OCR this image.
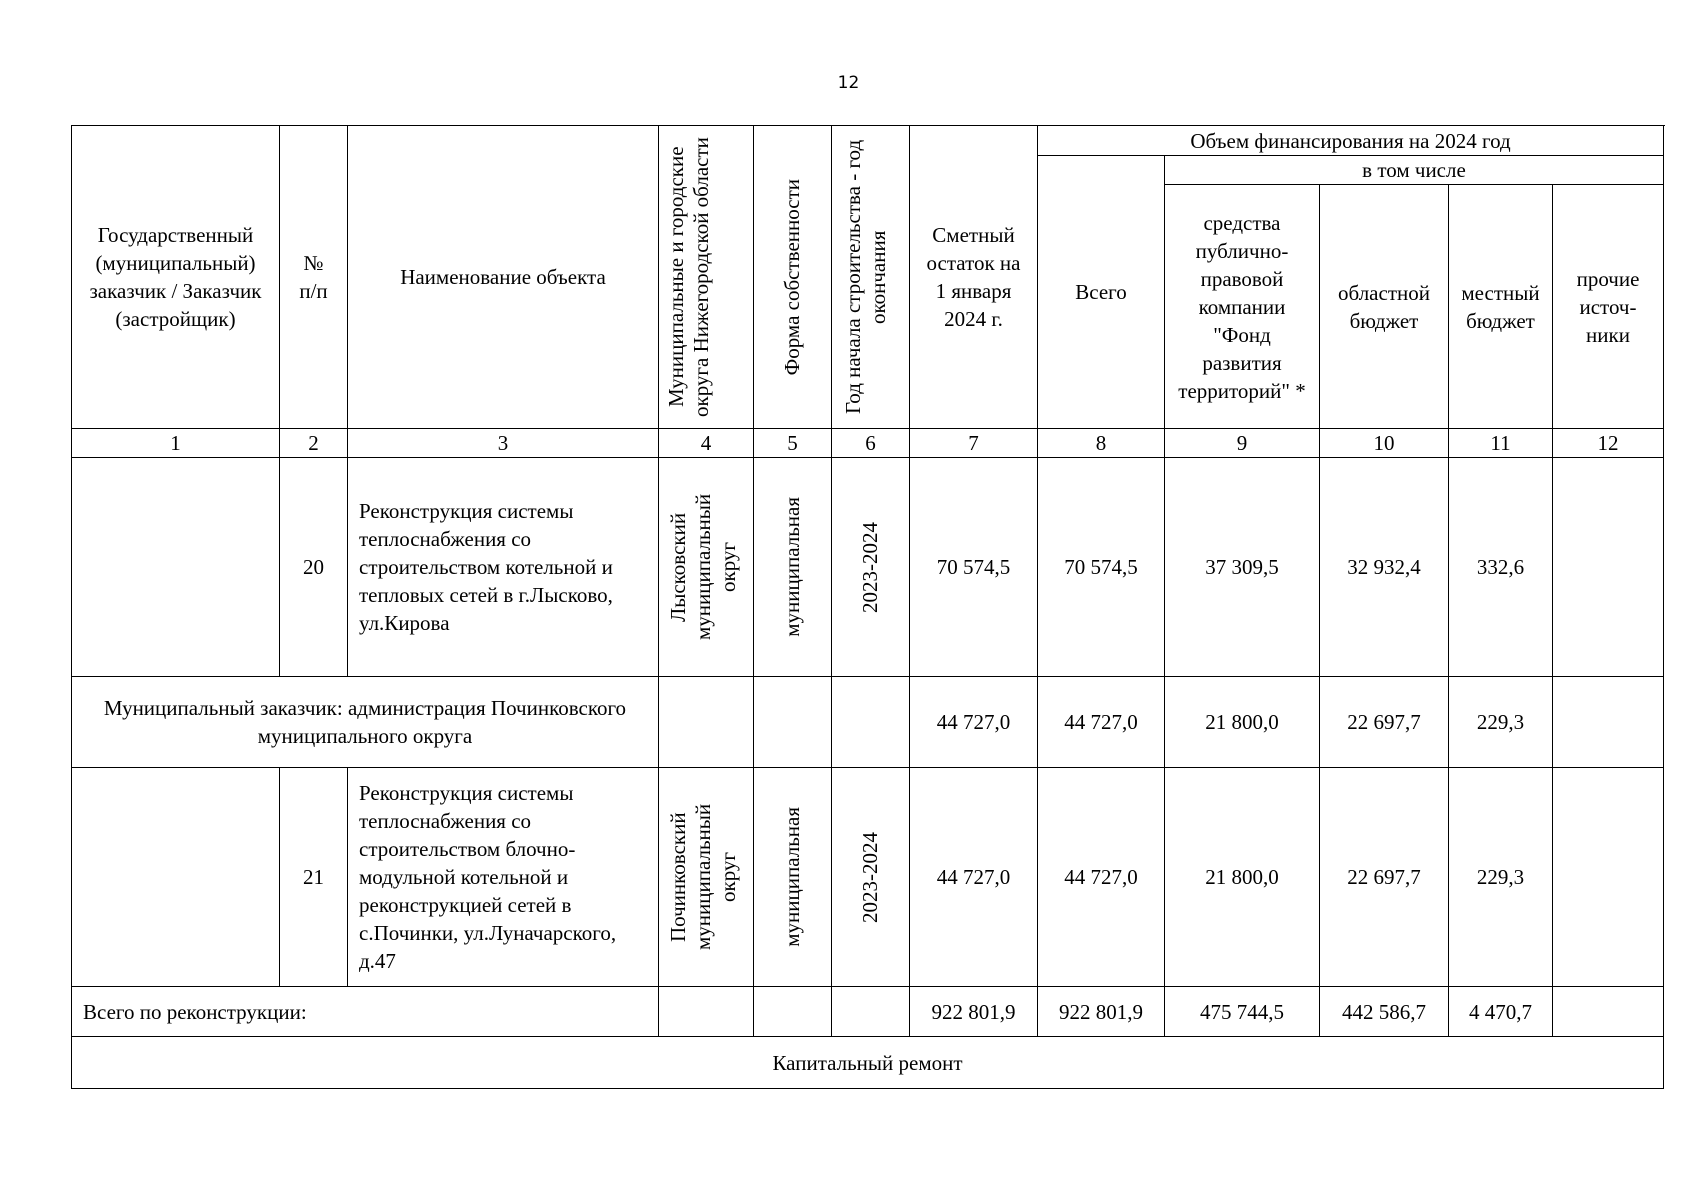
12
Государственный (муниципальный) заказчик / Заказчик (застройщик)	№ п/п	Наименование объекта	Муниципальные и городские округа Нижегородской области	Форма собственности	Год начала строительства - год окончания	Сметный остаток на 1 января 2024 г.	Объем финансирования на 2024 год				
							Всего	в том числе			
								средства публично-правовой компании "Фонд развития территорий" *	областной бюджет	местный бюджет	прочие источ-ники
1	2	3	4	5	6	7	8	9	10	11	12
	20	Реконструкция системы теплоснабжения со строительством котельной и тепловых сетей в г.Лысково, ул.Кирова	Лысковский муниципальный округ	муниципальная	2023-2024	70 574,5	70 574,5	37 309,5	32 932,4	332,6	
Муниципальный заказчик: администрация Починковского муниципального округа						44 727,0	44 727,0	21 800,0	22 697,7	229,3	
	21	Реконструкция системы теплоснабжения со строительством блочно-модульной котельной и реконструкцией сетей в с.Починки, ул.Луначарского, д.47	Починковский муниципальный округ	муниципальная	2023-2024	44 727,0	44 727,0	21 800,0	22 697,7	229,3	
Всего по реконструкции:						922 801,9	922 801,9	475 744,5	442 586,7	4 470,7	
Капитальный ремонт											
